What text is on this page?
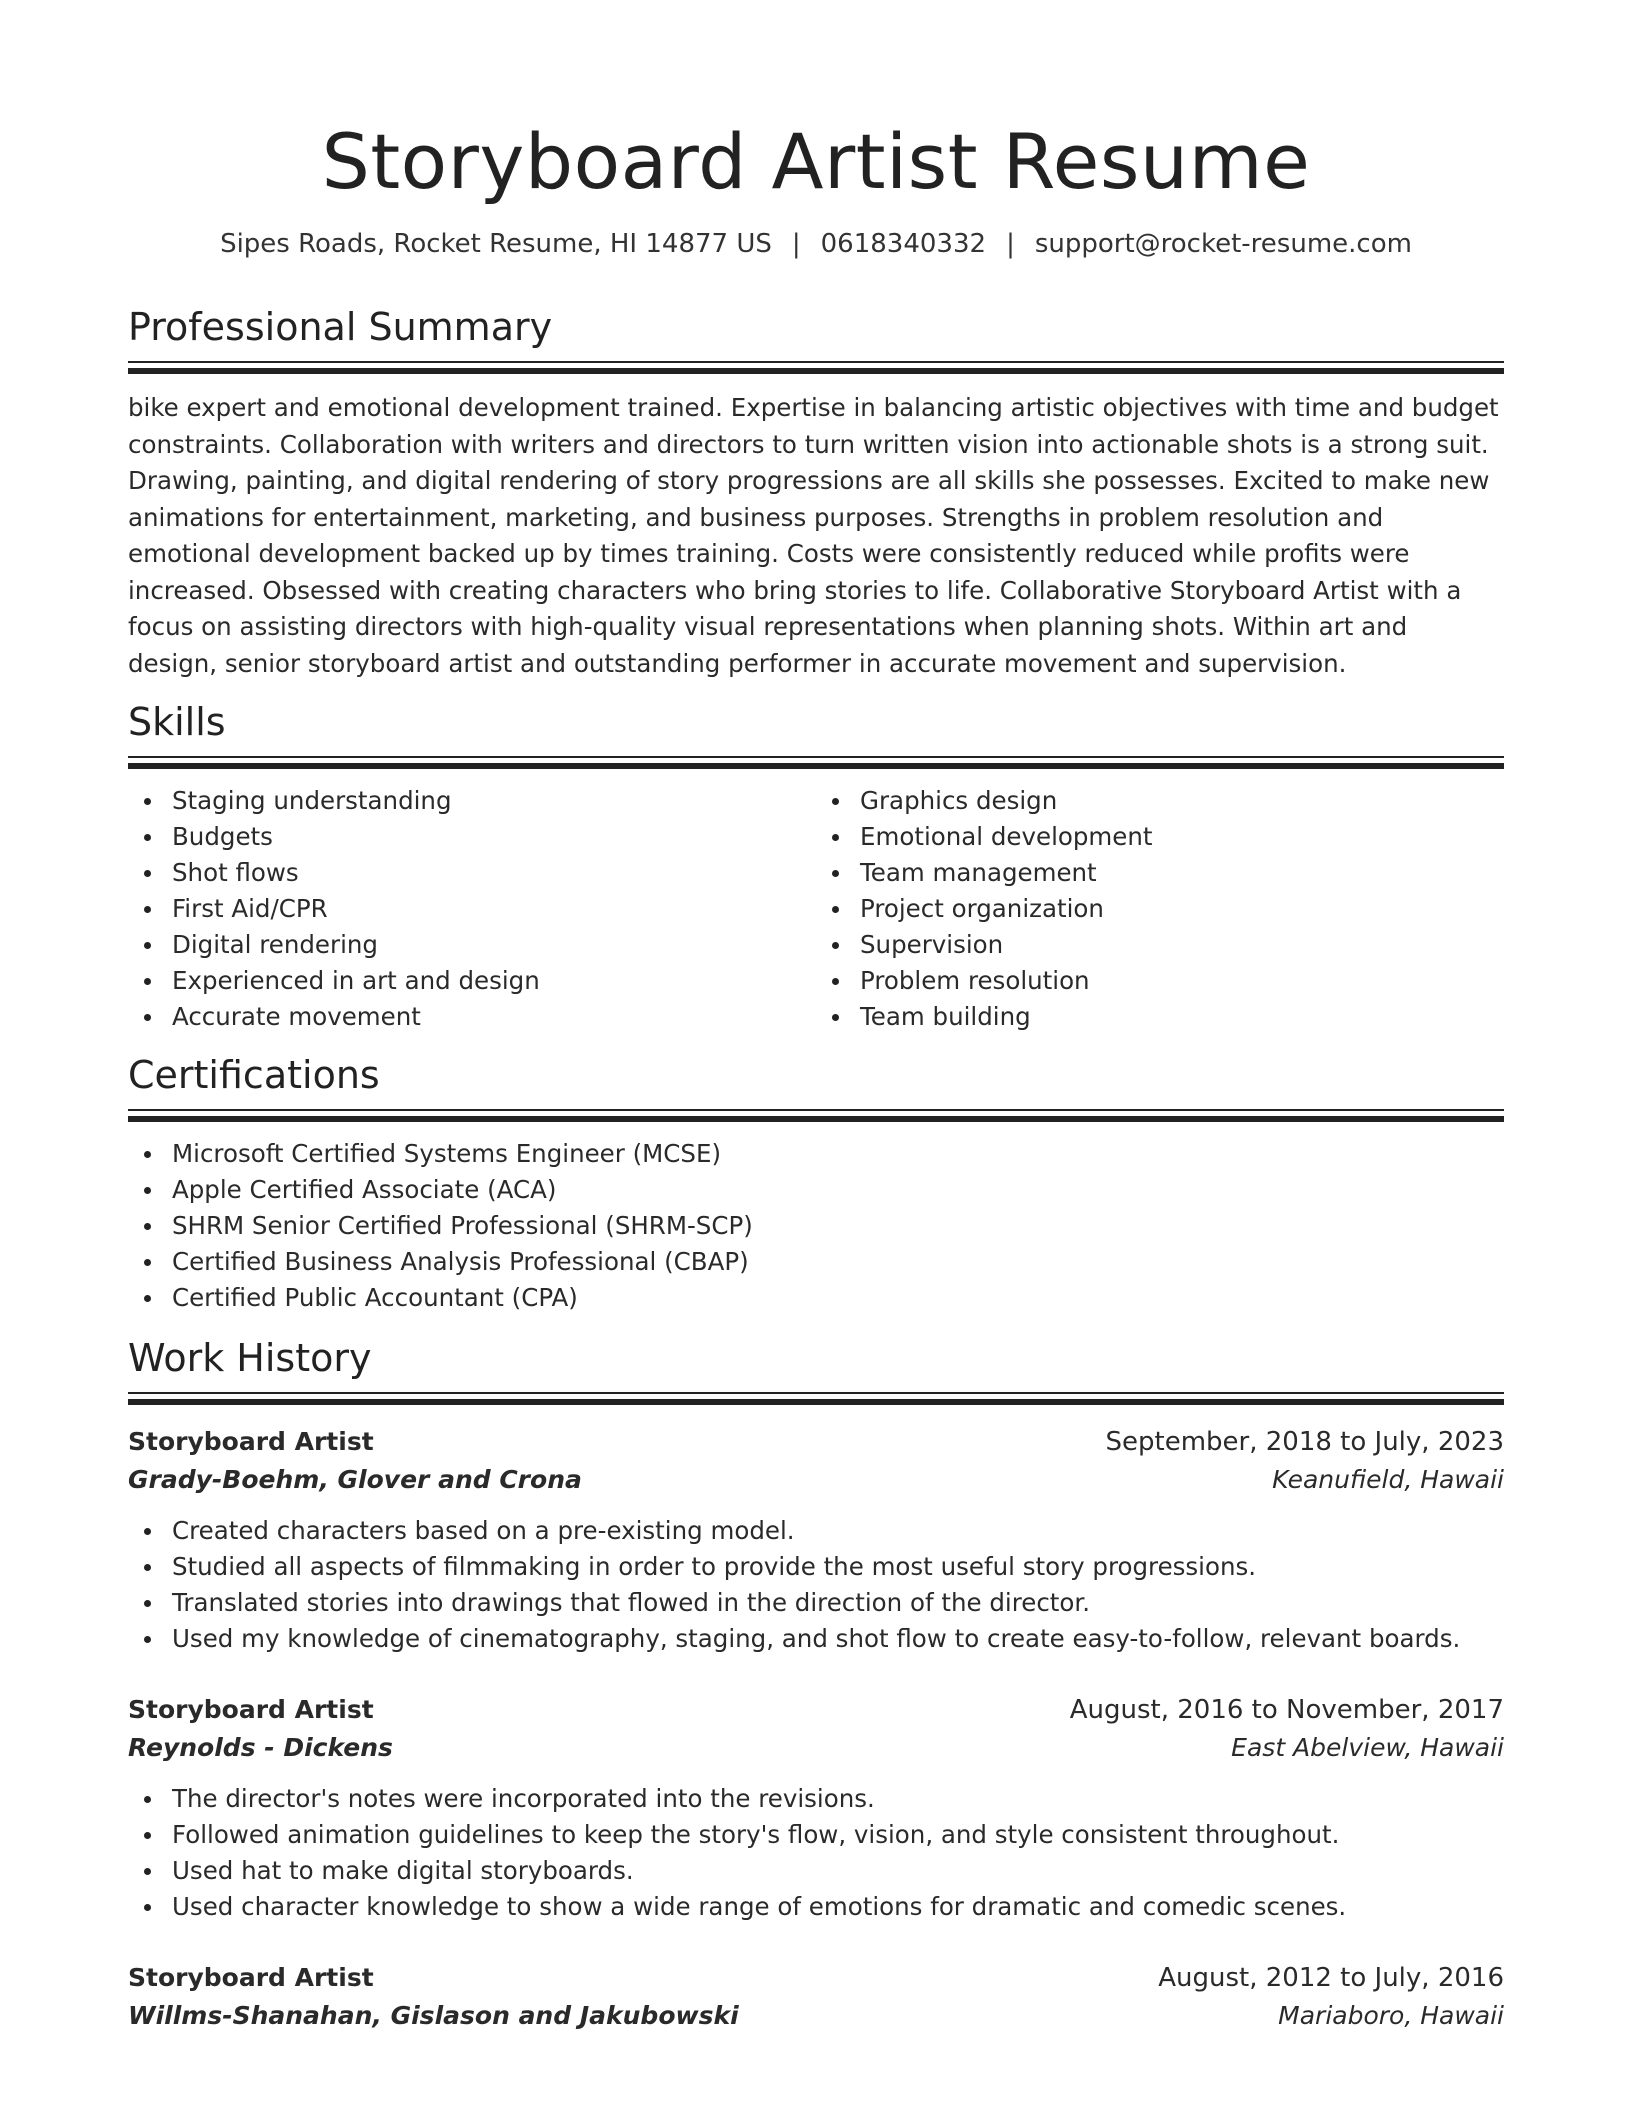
Storyboard Artist Resume
Sipes Roads, Rocket Resume, HI 14877 US | 0618340332 | support@rocket-resume.com
Professional Summary

bike expert and emotional development trained. Expertise in balancing artistic objectives with time and budget constraints. Collaboration with writers and directors to turn written vision into actionable shots is a strong suit. Drawing, painting, and digital rendering of story progressions are all skills she possesses. Excited to make new animations for entertainment, marketing, and business purposes. Strengths in problem resolution and emotional development backed up by times training. Costs were consistently reduced while profits were increased. Obsessed with creating characters who bring stories to life. Collaborative Storyboard Artist with a focus on assisting directors with high-quality visual representations when planning shots. Within art and design, senior storyboard artist and outstanding performer in accurate movement and supervision.

Skills
Staging understanding
Budgets
Shot flows
First Aid/CPR
Digital rendering
Experienced in art and design
Accurate movement
Graphics design
Emotional development
Team management
Project organization
Supervision
Problem resolution
Team building
Certifications
Microsoft Certified Systems Engineer (MCSE)
Apple Certified Associate (ACA)
SHRM Senior Certified Professional (SHRM-SCP)
Certified Business Analysis Professional (CBAP)
Certified Public Accountant (CPA)
Work History
Storyboard Artist	September, 2018 to July, 2023
Grady-Boehm, Glover and Crona	Keanufield, Hawaii
Created characters based on a pre-existing model.
Studied all aspects of filmmaking in order to provide the most useful story progressions.
Translated stories into drawings that flowed in the direction of the director.
Used my knowledge of cinematography, staging, and shot flow to create easy-to-follow, relevant boards.
Storyboard Artist	August, 2016 to November, 2017
Reynolds - Dickens	East Abelview, Hawaii
The director's notes were incorporated into the revisions.
Followed animation guidelines to keep the story's flow, vision, and style consistent throughout.
Used hat to make digital storyboards.
Used character knowledge to show a wide range of emotions for dramatic and comedic scenes.
Storyboard Artist	August, 2012 to July, 2016
Willms-Shanahan, Gislason and Jakubowski	Mariaboro, Hawaii
